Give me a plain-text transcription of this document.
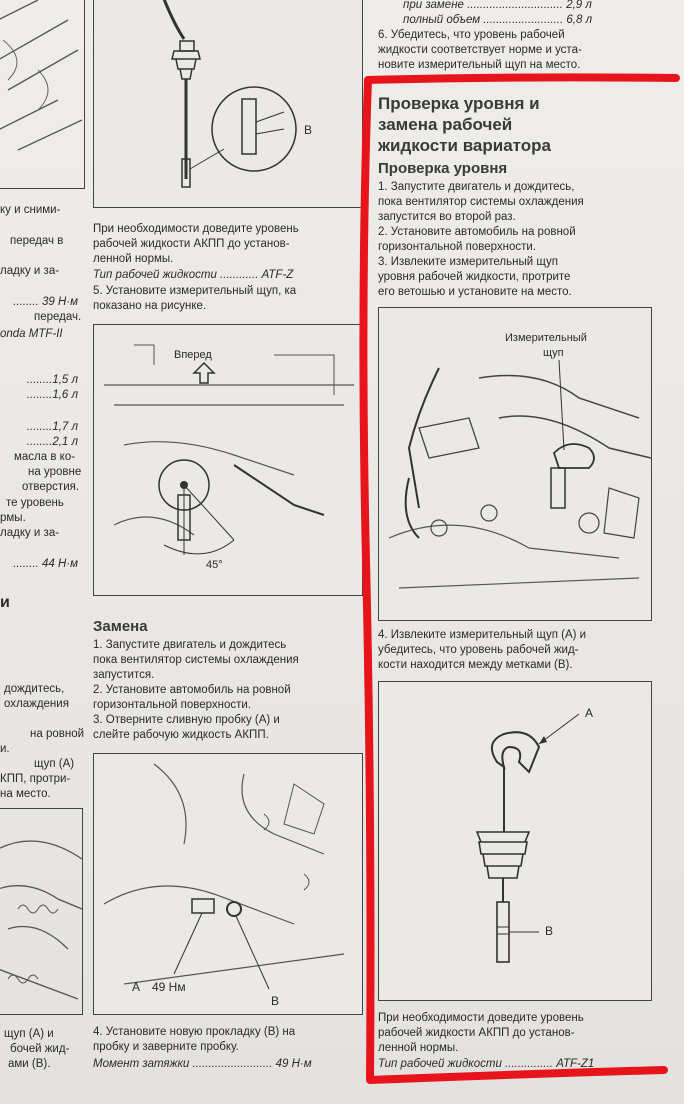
ку и сними-
передач в
ладку и за-
........ 39 Н·м
передач.
onda MTF-II
........1,5 л
........1,6 л
........1,7 л
........2,1 л
масла в ко-
на уровне
отверстия.
те уровень
рмы.
ладку и за-
........ 44 Н·м
и
дождитесь,
охлаждения
на ровной
и.
щуп (А)
КПП, протри-
на место.
щуп (А) и
бочей жид-
ами (B).
B
При необходимости доведите уровень
рабочей жидкости АКПП до установ-
ленной нормы.
Тип рабочей жидкости ............ ATF-Z
5. Установите измерительный щуп, ка
показано на рисунке.
Вперед
45°
Замена
1. Запустите двигатель и дождитесь
пока вентилятор системы охлаждения
запустится.
2. Установите автомобиль на ровной
горизонтальной поверхности.
3. Отверните сливную пробку (А) и
слейте рабочую жидкость АКПП.
A 49 Нм
B
4. Установите новую прокладку (B) на
пробку и заверните пробку.
Момент затяжки ......................... 49 Н·м
при замене .............................. 2,9 л
полный объем ......................... 6,8 л
6. Убедитесь, что уровень рабочей
жидкости соответствует норме и уста-
новите измерительный щуп на место.
Проверка уровня и
замена рабочей
жидкости вариатора
Проверка уровня
1. Запустите двигатель и дождитесь,
пока вентилятор системы охлаждения
запустится во второй раз.
2. Установите автомобиль на ровной
горизонтальной поверхности.
3. Извлеките измерительный щуп
уровня рабочей жидкости, протрите
его ветошью и установите на место.
Измерительный
щуп
4. Извлеките измерительный щуп (А) и
убедитесь, что уровень рабочей жид-
кости находится между метками (B).
A
B
При необходимости доведите уровень
рабочей жидкости АКПП до установ-
ленной нормы.
Тип рабочей жидкости ............... ATF-Z1
